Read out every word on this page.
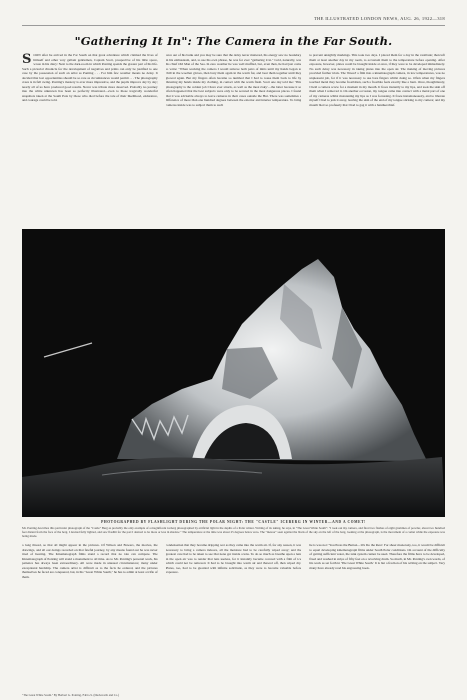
THE ILLUSTRATED LONDON NEWS, AUG. 26, 1922—318
"Gathering It In": The Camera in the Far South.
SOON after he arrived in the Far South on that great adventure which claimed the lives of himself and other very gallant gentlemen, Captain Scott, prospective of his little space, wrote in his diary: Next to the dark-room in which Ponting spends the greater part of his life. Such a pictorial chronicle for the development of negatives and prints can only be justified to one case by the possession of such an artist as Ponting . . . For him few weather means no delay. It decided that lost opportunities should be so rare as circumstances would permit . . . The photography craze is in full swing. Ponting's mastery is ever more impressive, and the pupils improve day by day; nearly all of us have produced good results. Never was tribute more deserved. Probably no journey into the white unknown has been so perfectly illustrated—even to those tragically wonderful snapshots taken at the South Pole by those who died before the tale of their likelihood, endurance, and courage could be told.
once out of his bunk and you may be sure that the delay never mattered, his energy saw no boundary in his enthusiasm, and, to use his own phrase, he was for ever "gathering it in." Cold, naturally, was his chief Old Man of the Sea. In zero weather he was well muffled, but, even then, he had just come to write: "When working the camera I would remove both pairs of mitts until my hands began to chill in the woollen gloves, then bury them again in the warm fur, and beat them together until they glowed again. But my fingers often became so numbed that I had to rouse them back to life by thrusting my hands inside my clothing, in contact with the warm flesh. Scott one day told me: 'This photography is the coldest job I have ever struck, as well as the most risky'—the latter because it so often happened that the best subjects were only to be secured in the most dangerous places. I found that it was advisable always to leave cameras in their cases outside the Hut. There was sometimes a difference of more than one hundred degrees between the exterior and interior temperature. To bring cameras inside was to subject them to such
to prevent unsightly markings. This took two days. I placed them for a day in the vestibule; then left them at least another day in my room, to accustom them to the temperature before opening. After exposure, however, plates could be brought inside at once, if they were to be developed immediately. No such delay was necessary in taking plates into the open air. The making of moving pictures provided further trials. The 'thread' a film into a kinematograph camera, in low temperatures, was no unpleasant job, for if it was necessary to use bare fingers whilst doing so. Often when my fingers touched metal they became frostbitten, such a frostbite feels exactly like a burn. Once, thoughtlessly, I held a camera screw for a moment in my mouth. It froze instantly to my lips, and took the skin off them when I removed it. On another occasion, my tongue came into contact with a metal part of one of my cameras whilst moistening my lips as I was focussing. It froze instantaneously, and to liberate myself I had to jerk it away, leaving the skin of the end of my tongue sticking to my camera; and my mouth bled so profusely that I had to gag it with a handkerchief.
PHOTOGRAPHED BY FLASHLIGHT DURING THE POLAR NIGHT: THE "CASTLE" ICEBERG IN WINTER—AND A COMET!
Mr. Ponting describes this particular photograph of the "Castle" Berg as probably the only example of a magnificent iceberg photographed by artificial light in the depths of a Polar winter. Writing of its taking, he says, in "The Great White South": "I took out my camera, and fired two flashes of eight grammes of powder, about two hundred feet distant from the face of the berg. I desired fully lighted, and saw flashlit for the part I desired to be more or less in shadow." The temperature at the time was about 25 degrees below zero. The "meteor" seen against the black of the sky on the left of the berg, looking at the photograph, is the movement of a comet while the exposure was being made.
a long thread, so that all might appear in the pictures. Of Wilson and Bowers, the movies, the drawings, and all our doings recorded on that fateful journey, by any means found out he was never tired of hearing. The Kinematograph films stand a record that no tale can compare. The Kinematograph of Ponting will stand a monument to all time. As to Mr. Ponting's personal work, his patience has always been extraordinary. All were made in unusual circumstances; many under exceptional hardship. The camera artist is difficult as to the facts he ordered, and the pictures themselves he faced are conquered, but, in his "Great White South," he has to admit at least a trifle of them.
condensation that they became dripping wet as they came into the warm air. If, for any reason, it was necessary to bring a camera indoors, all the moisture had to be carefully wiped away; and the greatest care had to be taken to see that none got inside a lens. To do so much as breathe upon a lens in the open air was to render that lens useless, for it instantly became covered with a film of ice which could not be removed. It had to be brought into warm air and thawed off, then wiped dry. Plates, too, had to be guarded with infinite solicitude, as they were to become valuable before exposure.
he is was not: 'You Press the Button—We Do the Rest.' For sheer monotony, too, it would be difficult to equal developing kinematograph films under South Polar conditions. On account of the difficulty of getting sufficient water, the tank system cannot be used. Therefore the films have to be developed, fixed and washed in strips of fifty feet on a revolving drum. So much, in Mr. Ponting's own words, of his work as set forth in 'The Great White South.' It is but a fraction of his writing on the subject. Very many have already read his engrossing book.
"The Great White South." By Herbert G. Ponting, F.R.G.S. (Duckworth and Co.)
